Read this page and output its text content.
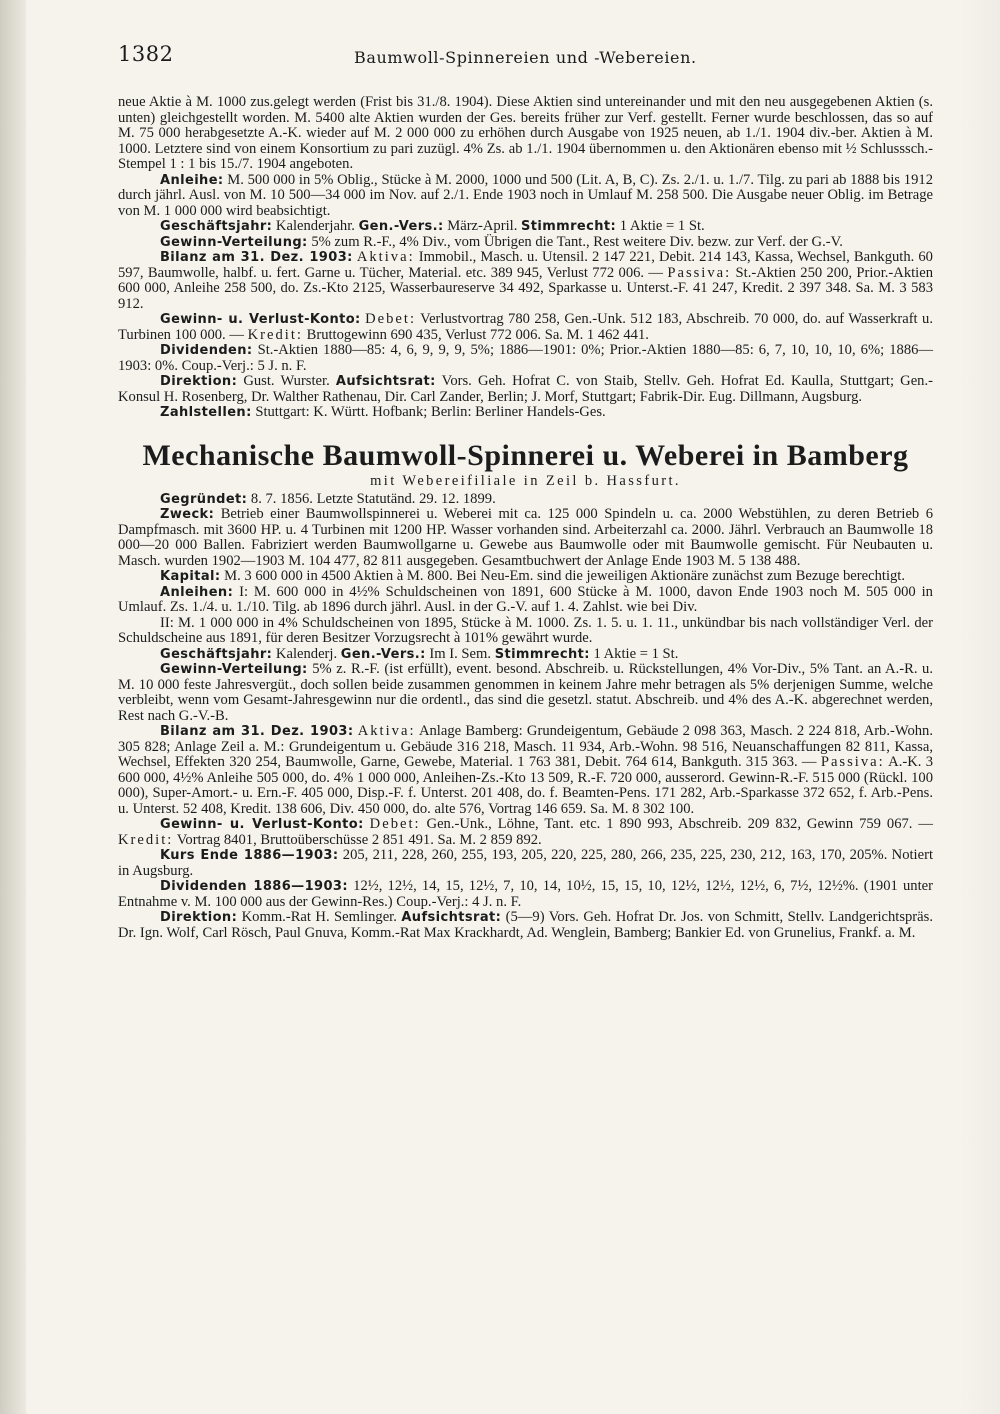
1382	Baumwoll-Spinnereien und -Webereien.

neue Aktie à M. 1000 zus.gelegt werden (Frist bis 31./8. 1904). Diese Aktien sind untereinander und mit den neu ausgegebenen Aktien (s. unten) gleichgestellt worden. M. 5400 alte Aktien wurden der Ges. bereits früher zur Verf. gestellt. Ferner wurde beschlossen, das so auf M. 75 000 herabgesetzte A.-K. wieder auf M. 2 000 000 zu erhöhen durch Ausgabe von 1925 neuen, ab 1./1. 1904 div.-ber. Aktien à M. 1000. Letztere sind von einem Konsortium zu pari zuzügl. 4% Zs. ab 1./1. 1904 übernommen u. den Aktionären ebenso mit ½ Schlusssch.-Stempel 1 : 1 bis 15./7. 1904 angeboten.

Anleihe: M. 500 000 in 5% Oblig., Stücke à M. 2000, 1000 und 500 (Lit. A, B, C). Zs. 2./1. u. 1./7. Tilg. zu pari ab 1888 bis 1912 durch jährl. Ausl. von M. 10 500—34 000 im Nov. auf 2./1. Ende 1903 noch in Umlauf M. 258 500. Die Ausgabe neuer Oblig. im Betrage von M. 1 000 000 wird beabsichtigt.

Geschäftsjahr: Kalenderjahr. Gen.-Vers.: März-April. Stimmrecht: 1 Aktie = 1 St.

Gewinn-Verteilung: 5% zum R.-F., 4% Div., vom Übrigen die Tant., Rest weitere Div. bezw. zur Verf. der G.-V.

Bilanz am 31. Dez. 1903: Aktiva: Immobil., Masch. u. Utensil. 2 147 221, Debit. 214 143, Kassa, Wechsel, Bankguth. 60 597, Baumwolle, halbf. u. fert. Garne u. Tücher, Material. etc. 389 945, Verlust 772 006. — Passiva: St.-Aktien 250 200, Prior.-Aktien 600 000, Anleihe 258 500, do. Zs.-Kto 2125, Wasserbaureserve 34 492, Sparkasse u. Unterst.-F. 41 247, Kredit. 2 397 348. Sa. M. 3 583 912.

Gewinn- u. Verlust-Konto: Debet: Verlustvortrag 780 258, Gen.-Unk. 512 183, Abschreib. 70 000, do. auf Wasserkraft u. Turbinen 100 000. — Kredit: Bruttogewinn 690 435, Verlust 772 006. Sa. M. 1 462 441.

Dividenden: St.-Aktien 1880—85: 4, 6, 9, 9, 9, 5%; 1886—1901: 0%; Prior.-Aktien 1880—85: 6, 7, 10, 10, 10, 6%; 1886—1903: 0%. Coup.-Verj.: 5 J. n. F.

Direktion: Gust. Wurster. Aufsichtsrat: Vors. Geh. Hofrat C. von Staib, Stellv. Geh. Hofrat Ed. Kaulla, Stuttgart; Gen.-Konsul H. Rosenberg, Dr. Walther Rathenau, Dir. Carl Zander, Berlin; J. Morf, Stuttgart; Fabrik-Dir. Eug. Dillmann, Augsburg.

Zahlstellen: Stuttgart: K. Württ. Hofbank; Berlin: Berliner Handels-Ges.

Mechanische Baumwoll-Spinnerei u. Weberei in Bamberg
mit Webereifiliale in Zeil b. Hassfurt.

Gegründet: 8. 7. 1856. Letzte Statutänd. 29. 12. 1899.

Zweck: Betrieb einer Baumwollspinnerei u. Weberei mit ca. 125 000 Spindeln u. ca. 2000 Webstühlen, zu deren Betrieb 6 Dampfmasch. mit 3600 HP. u. 4 Turbinen mit 1200 HP. Wasser vorhanden sind. Arbeiterzahl ca. 2000. Jährl. Verbrauch an Baumwolle 18 000—20 000 Ballen. Fabriziert werden Baumwollgarne u. Gewebe aus Baumwolle oder mit Baumwolle gemischt. Für Neubauten u. Masch. wurden 1902—1903 M. 104 477, 82 811 ausgegeben. Gesamtbuchwert der Anlage Ende 1903 M. 5 138 488.

Kapital: M. 3 600 000 in 4500 Aktien à M. 800. Bei Neu-Em. sind die jeweiligen Aktionäre zunächst zum Bezuge berechtigt.

Anleihen: I: M. 600 000 in 4½% Schuldscheinen von 1891, 600 Stücke à M. 1000, davon Ende 1903 noch M. 505 000 in Umlauf. Zs. 1./4. u. 1./10. Tilg. ab 1896 durch jährl. Ausl. in der G.-V. auf 1. 4. Zahlst. wie bei Div.

II: M. 1 000 000 in 4% Schuldscheinen von 1895, Stücke à M. 1000. Zs. 1. 5. u. 1. 11., unkündbar bis nach vollständiger Verl. der Schuldscheine aus 1891, für deren Besitzer Vorzugsrecht à 101% gewährt wurde.

Geschäftsjahr: Kalenderj. Gen.-Vers.: Im I. Sem. Stimmrecht: 1 Aktie = 1 St.

Gewinn-Verteilung: 5% z. R.-F. (ist erfüllt), event. besond. Abschreib. u. Rückstellungen, 4% Vor-Div., 5% Tant. an A.-R. u. M. 10 000 feste Jahresvergüt., doch sollen beide zusammen genommen in keinem Jahre mehr betragen als 5% derjenigen Summe, welche verbleibt, wenn vom Gesamt-Jahresgewinn nur die ordentl., das sind die gesetzl. statut. Abschreib. und 4% des A.-K. abgerechnet werden, Rest nach G.-V.-B.

Bilanz am 31. Dez. 1903: Aktiva: Anlage Bamberg: Grundeigentum, Gebäude 2 098 363, Masch. 2 224 818, Arb.-Wohn. 305 828; Anlage Zeil a. M.: Grundeigentum u. Gebäude 316 218, Masch. 11 934, Arb.-Wohn. 98 516, Neuanschaffungen 82 811, Kassa, Wechsel, Effekten 320 254, Baumwolle, Garne, Gewebe, Material. 1 763 381, Debit. 764 614, Bankguth. 315 363. — Passiva: A.-K. 3 600 000, 4½% Anleihe 505 000, do. 4% 1 000 000, Anleihen-Zs.-Kto 13 509, R.-F. 720 000, ausserord. Gewinn-R.-F. 515 000 (Rückl. 100 000), Super-Amort.- u. Ern.-F. 405 000, Disp.-F. f. Unterst. 201 408, do. f. Beamten-Pens. 171 282, Arb.-Sparkasse 372 652, f. Arb.-Pens. u. Unterst. 52 408, Kredit. 138 606, Div. 450 000, do. alte 576, Vortrag 146 659. Sa. M. 8 302 100.

Gewinn- u. Verlust-Konto: Debet: Gen.-Unk., Löhne, Tant. etc. 1 890 993, Abschreib. 209 832, Gewinn 759 067. — Kredit: Vortrag 8401, Bruttoüberschüsse 2 851 491. Sa. M. 2 859 892.

Kurs Ende 1886—1903: 205, 211, 228, 260, 255, 193, 205, 220, 225, 280, 266, 235, 225, 230, 212, 163, 170, 205%. Notiert in Augsburg.

Dividenden 1886—1903: 12½, 12½, 14, 15, 12½, 7, 10, 14, 10½, 15, 15, 10, 12½, 12½, 12½, 6, 7½, 12½%. (1901 unter Entnahme v. M. 100 000 aus der Gewinn-Res.) Coup.-Verj.: 4 J. n. F.

Direktion: Komm.-Rat H. Semlinger. Aufsichtsrat: (5—9) Vors. Geh. Hofrat Dr. Jos. von Schmitt, Stellv. Landgerichtspräs. Dr. Ign. Wolf, Carl Rösch, Paul Gnuva, Komm.-Rat Max Krackhardt, Ad. Wenglein, Bamberg; Bankier Ed. von Grunelius, Frankf. a. M.
